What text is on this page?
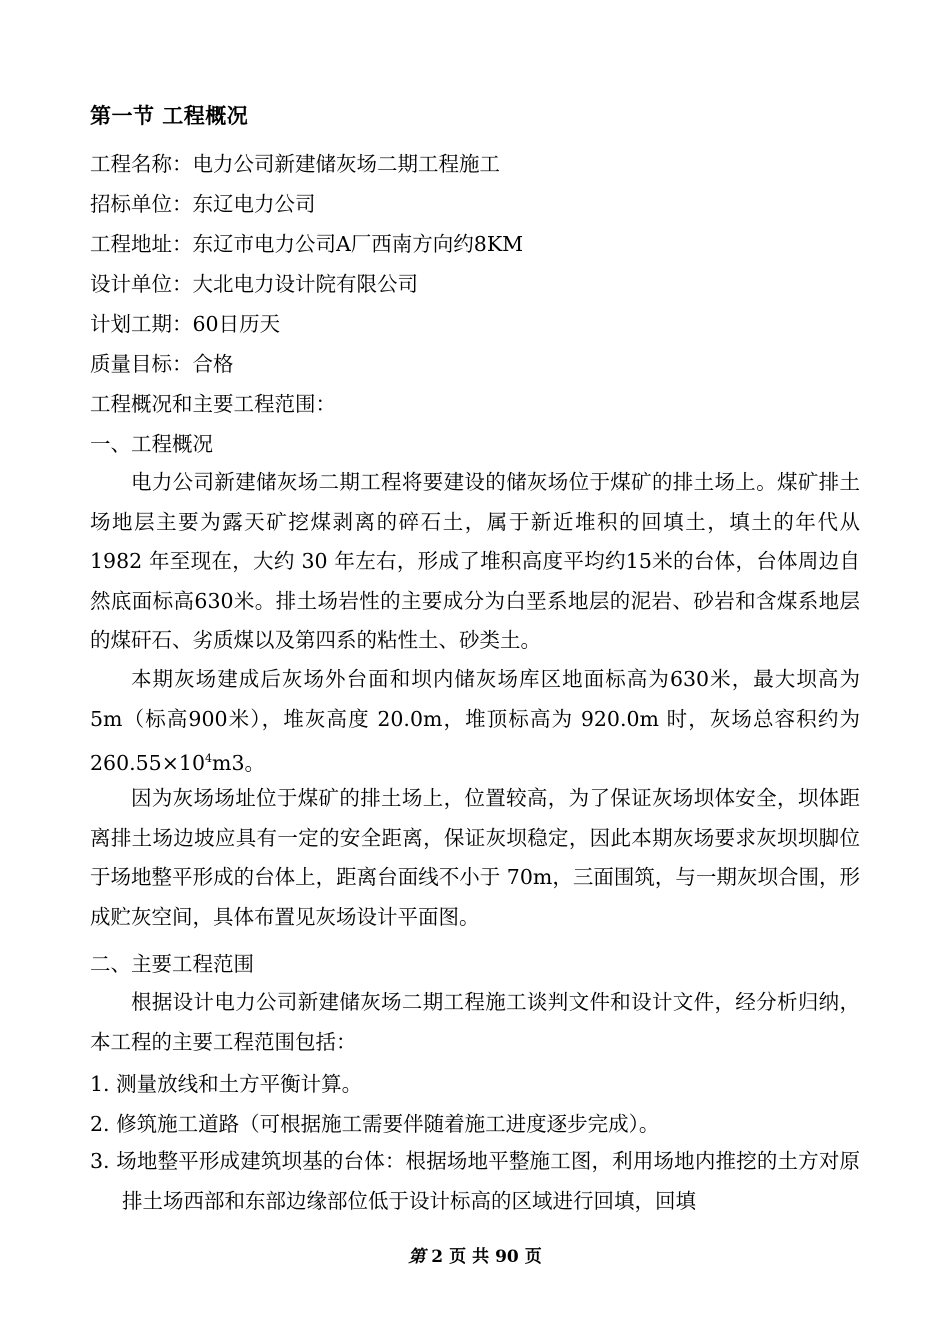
第一节 工程概况
工程名称：电力公司新建储灰场二期工程施工
招标单位：东辽电力公司
工程地址：东辽市电力公司A厂西南方向约8KM
设计单位：大北电力设计院有限公司
计划工期：60日历天
质量目标：合格
工程概况和主要工程范围：
一、工程概况
电力公司新建储灰场二期工程将要建设的储灰场位于煤矿的排土场上。煤矿排土场地层主要为露天矿挖煤剥离的碎石土，属于新近堆积的回填土，填土的年代从 1982 年至现在，大约 30 年左右，形成了堆积高度平均约15米的台体，台体周边自然底面标高630米。排土场岩性的主要成分为白垩系地层的泥岩、砂岩和含煤系地层的煤矸石、劣质煤以及第四系的粘性土、砂类土。
本期灰场建成后灰场外台面和坝内储灰场库区地面标高为630米，最大坝高为 5m（标高900米），堆灰高度 20.0m，堆顶标高为 920.0m 时，灰场总容积约为 $260.55\times 10^4m3$。
因为灰场场址位于煤矿的排土场上，位置较高，为了保证灰场坝体安全，坝体距离排土场边坡应具有一定的安全距离，保证灰坝稳定，因此本期灰场要求灰坝坝脚位于场地整平形成的台体上，距离台面线不小于 70m，三面围筑，与一期灰坝合围，形成贮灰空间，具体布置见灰场设计平面图。
二、主要工程范围
根据设计电力公司新建储灰场二期工程施工谈判文件和设计文件，经分析归纳，本工程的主要工程范围包括：
1. 测量放线和土方平衡计算。
2. 修筑施工道路（可根据施工需要伴随着施工进度逐步完成）。
3. 场地整平形成建筑坝基的台体：根据场地平整施工图，利用场地内推挖的土方对原排土场西部和东部边缘部位低于设计标高的区域进行回填，回填
第 2 页 共 90 页
